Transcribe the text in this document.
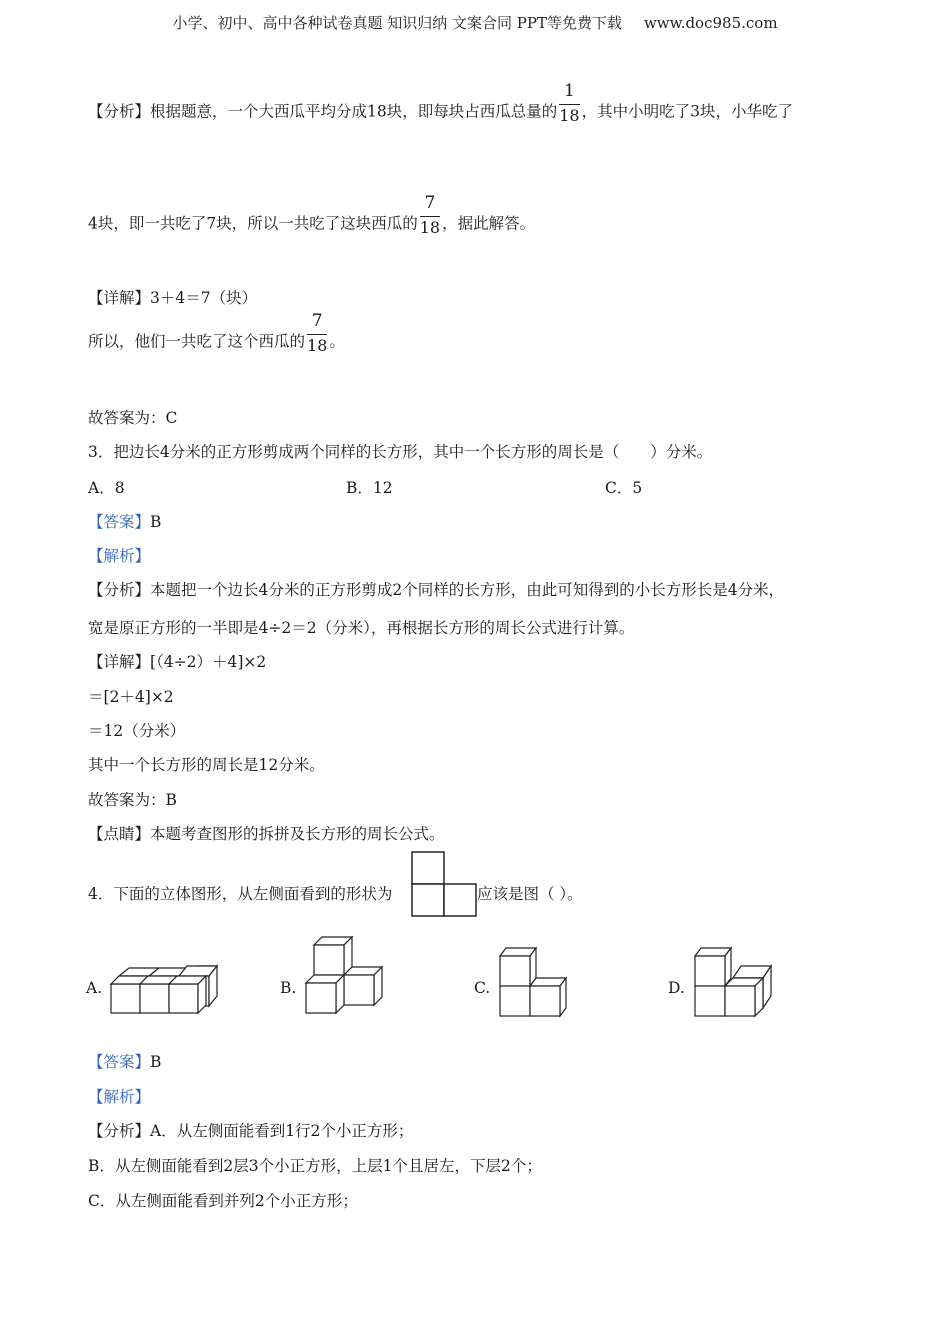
小学、初中、高中各种试卷真题 知识归纳 文案合同 PPT等免费下载 www.doc985.com
【分析】根据题意，一个大西瓜平均分成18块，即每块占西瓜总量的 $\frac{1}{18}$ ，其中小明吃了3块，小华吃了
4块，即一共吃了7块，所以一共吃了这块西瓜的 $\frac{7}{18}$ ，据此解答。
【详解】3＋4＝7（块）
所以，他们一共吃了这个西瓜的 $\frac{7}{18}$ 。
故答案为：C
3．把边长4分米的正方形剪成两个同样的长方形，其中一个长方形的周长是（　　）分米。
A．8	B．12	C．5
【答案】B
【解析】
【分析】本题把一个边长4分米的正方形剪成2个同样的长方形，由此可知得到的小长方形长是4分米，
宽是原正方形的一半即是4÷2＝2（分米），再根据长方形的周长公式进行计算。
【详解】[（4÷2）＋4]×2
＝[2＋4]×2
＝12（分米）
其中一个长方形的周长是12分米。
故答案为：B
【点睛】本题考查图形的拆拼及长方形的周长公式。
4．下面的立体图形，从左侧面看到的形状为	应该是图（ ）。
A.	B.	C.	D.
【答案】B
【解析】
【分析】A．从左侧面能看到1行2个小正方形；
B．从左侧面能看到2层3个小正方形，上层1个且居左，下层2个；
C．从左侧面能看到并列2个小正方形；
